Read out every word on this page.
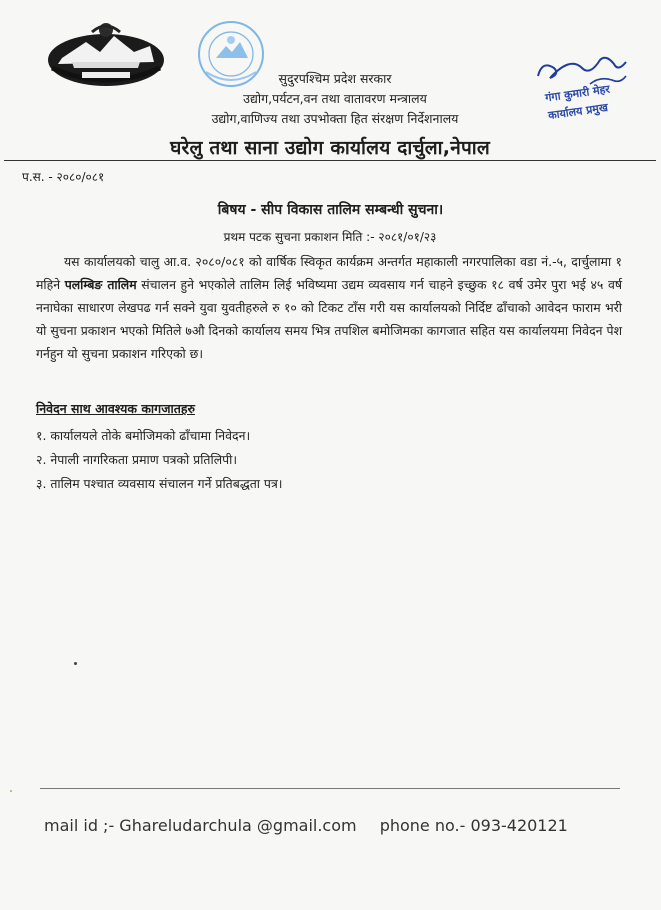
सुदुरपश्चिम प्रदेश सरकार
उद्योग,पर्यटन,वन तथा वातावरण मन्त्रालय
उद्योग,वाणिज्य तथा उपभोक्ता हित संरक्षण निर्देशनालय
घरेलु तथा साना उद्योग कार्यालय दार्चुला,नेपाल
गंगा कुमारी मेहर
कार्यालय प्रमुख
प.स. - २०८०/०८१
बिषय - सीप विकास तालिम सम्बन्धी सुचना।
प्रथम पटक सुचना प्रकाशन मिति :- २०८१/०१/२३

यस कार्यालयको चालु आ.व. २०८०/०८१ को वार्षिक स्विकृत कार्यक्रम अन्तर्गत महाकाली नगरपालिका वडा नं.-५, दार्चुलामा १ महिने पलम्बिङ तालिम संचालन हुने भएकोले तालिम लिई भविष्यमा उद्यम व्यवसाय गर्न चाहने इच्छुक १८ वर्ष उमेर पुरा भई ४५ वर्ष ननाघेका साधारण लेखपढ गर्न सक्ने युवा युवतीहरुले रु १० को टिकट टाँस गरी यस कार्यालयको निर्दिष्ट ढाँचाको आवेदन फाराम भरी यो सुचना प्रकाशन भएको मितिले ७औ दिनको कार्यालय समय भित्र तपशिल बमोजिमका कागजात सहित यस कार्यालयमा निवेदन पेश गर्नहुन यो सुचना प्रकाशन गरिएको छ।

निवेदन साथ आवश्यक कागजातहरु
१. कार्यालयले तोके बमोजिमको ढाँचामा निवेदन।
२. नेपाली नागरिकता प्रमाण पत्रको प्रतिलिपी।
३. तालिम पश्चात व्यवसाय संचालन गर्ने प्रतिबद्धता पत्र।
mail id ;- Ghareludarchula @gmail.com phone no.- 093-420121
